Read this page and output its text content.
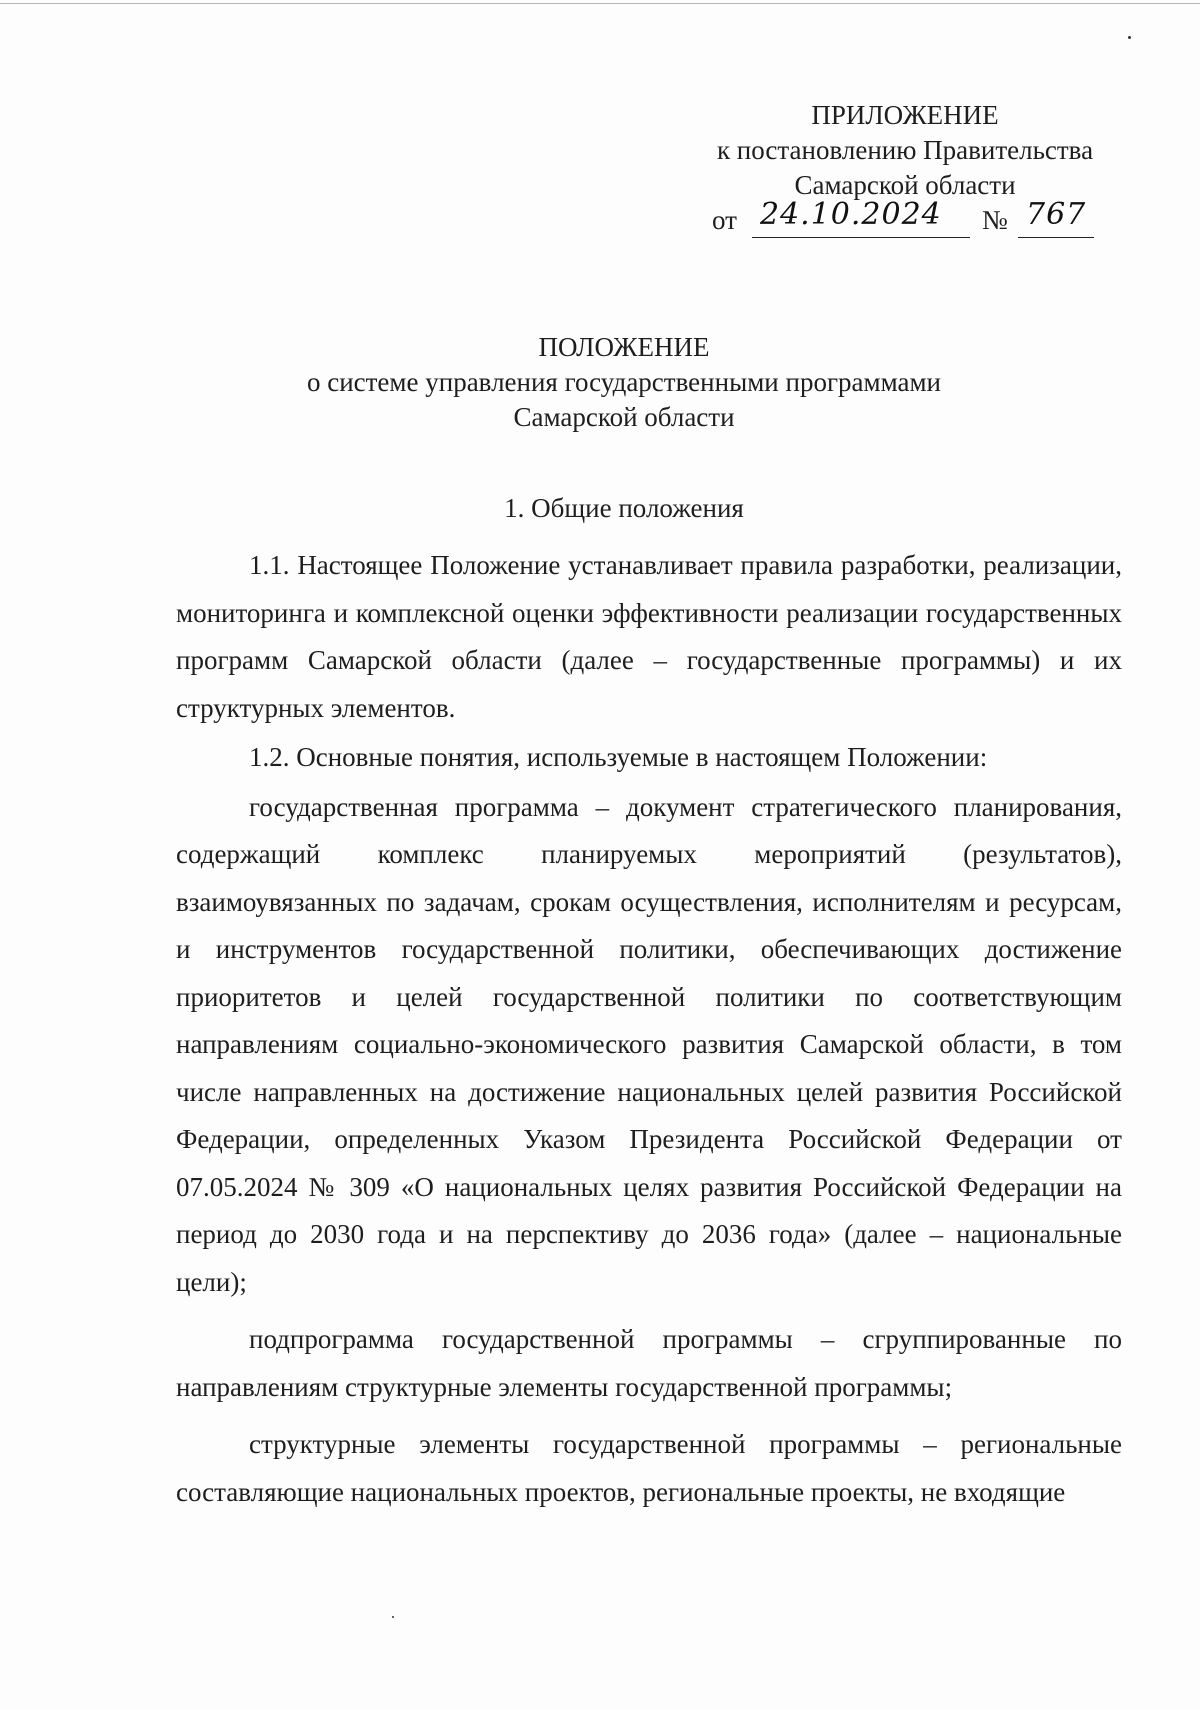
ПРИЛОЖЕНИЕ
к постановлению Правительства
Самарской области
от 24.10.2024 № 767
ПОЛОЖЕНИЕ
о системе управления государственными программами
Самарской области
1. Общие положения

1.1. Настоящее Положение устанавливает правила разработки, реализации, мониторинга и комплексной оценки эффективности реализации государственных программ Самарской области (далее – государственные программы) и их структурных элементов.

1.2. Основные понятия, используемые в настоящем Положении:

государственная программа – документ стратегического планирования, содержащий комплекс планируемых мероприятий (результатов), взаимоувязанных по задачам, срокам осуществления, исполнителям и ресурсам, и инструментов государственной политики, обеспечивающих достижение приоритетов и целей государственной политики по соответствующим направлениям социально-экономического развития Самарской области, в том числе направленных на достижение национальных целей развития Российской Федерации, определенных Указом Президента Российской Федерации от 07.05.2024 № 309 «О национальных целях развития Российской Федерации на период до 2030 года и на перспективу до 2036 года» (далее – национальные цели);

подпрограмма государственной программы – сгруппированные по направлениям структурные элементы государственной программы;

структурные элементы государственной программы – региональные составляющие национальных проектов, региональные проекты, не входящие
